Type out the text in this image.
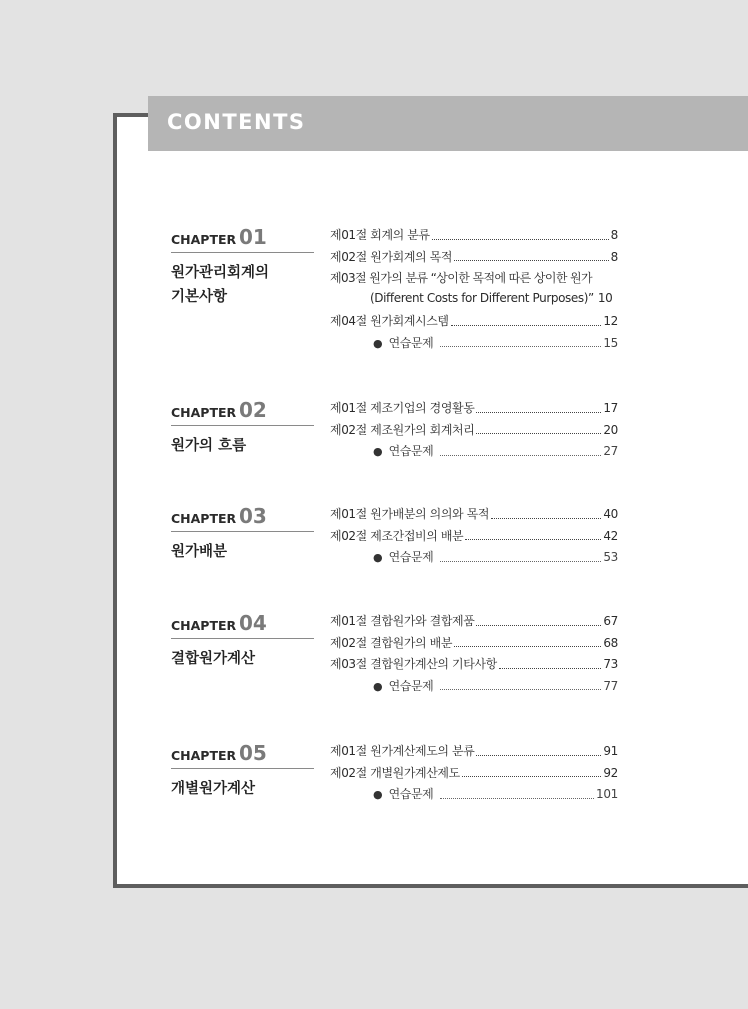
CONTENTS
CHAPTER 01
원가관리회계의
기본사항
제01절 회계의 분류	8
제02절 원가회계의 목적	8
제03절 원가의 분류 “상이한 목적에 따른 상이한 원가
(Different Costs for Different Purposes)” 10
제04절 원가회계시스템	12
● 연습문제	15
CHAPTER 02
원가의 흐름
제01절 제조기업의 경영활동	17
제02절 제조원가의 회계처리	20
● 연습문제	27
CHAPTER 03
원가배분
제01절 원가배분의 의의와 목적	40
제02절 제조간접비의 배분	42
● 연습문제	53
CHAPTER 04
결합원가계산
제01절 결합원가와 결합제품	67
제02절 결합원가의 배분	68
제03절 결합원가계산의 기타사항	73
● 연습문제	77
CHAPTER 05
개별원가계산
제01절 원가계산제도의 분류	91
제02절 개별원가계산제도	92
● 연습문제	101
